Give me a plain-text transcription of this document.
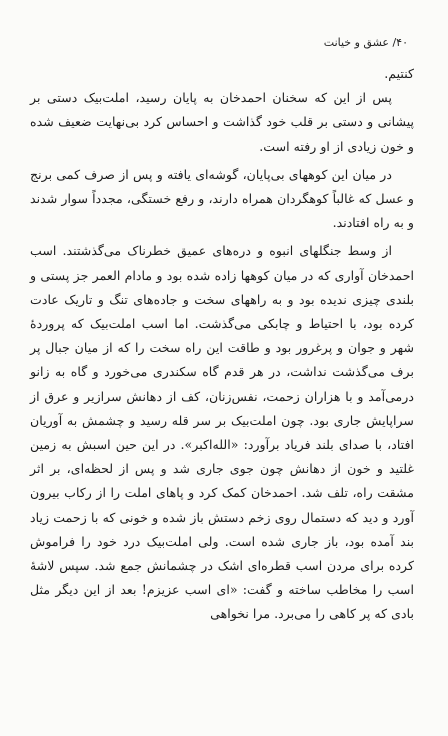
۴۰/ عشق و خیانت

کنتیم.

پس از این که سخنان احمدخان به پایان رسید، املت‌بیک دستی بر پیشانی و دستی بر قلب خود گذاشت و احساس کرد بی‌نهایت ضعیف شده و خون زیادی از او رفته است.

در میان این کوههای بی‌پایان، گوشه‌ای یافته و پس از صرف کمی برنج و عسل که غالباً کوهگردان همراه دارند، و رفع خستگی، مجدداً سوار شدند و به راه افتادند.

از وسط جنگلهای انبوه و دره‌های عمیق خطرناک می‌گذشتند. اسب احمدخان آواری که در میان کوهها زاده شده بود و مادام العمر جز پستی و بلندی چیزی ندیده بود و به راههای سخت و جاده‌های تنگ و تاریک عادت کرده بود، با احتیاط و چابکی می‌گذشت. اما اسب املت‌بیک که پروردهٔ شهر و جوان و پرغرور بود و طاقت این راه سخت را که از میان جبال پر برف می‌گذشت نداشت، در هر قدم گاه سکندری می‌خورد و گاه به زانو درمی‌آمد و با هزاران زحمت، نفس‌زنان، کف از دهانش سرازیر و عرق از سراپایش جاری بود. چون املت‌بیک بر سر قله رسید و چشمش به آوریان افتاد، با صدای بلند فریاد برآورد: «الله‌اکبر». در این حین اسبش به زمین غلتید و خون از دهانش چون جوی جاری شد و پس از لحظه‌ای، بر اثر مشقت راه، تلف شد. احمدخان کمک کرد و پاهای املت را از رکاب بیرون آورد و دید که دستمال روی زخم دستش باز شده و خونی که با زحمت زیاد بند آمده بود، باز جاری شده است. ولی املت‌بیک درد خود را فراموش کرده برای مردن اسب قطره‌ای اشک در چشمانش جمع شد. سپس لاشهٔ اسب را مخاطب ساخته و گفت: «ای اسب عزیزم! بعد از این دیگر مثل بادی که پر کاهی را می‌برد. مرا نخواهی
